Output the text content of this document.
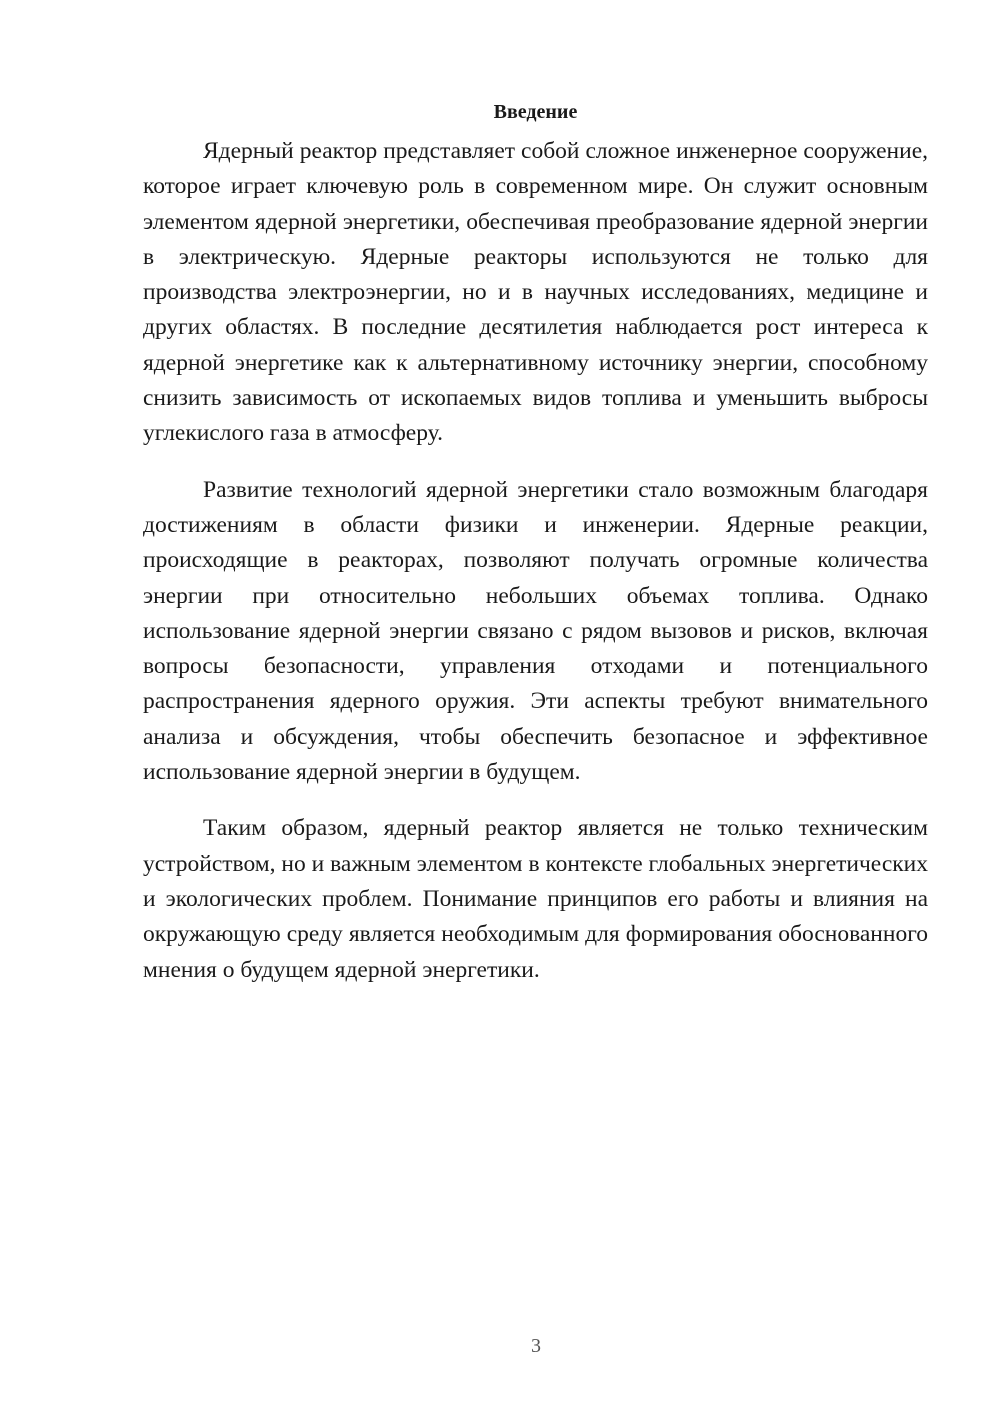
Введение

Ядерный реактор представляет собой сложное инженерное сооружение, которое играет ключевую роль в современном мире. Он служит основным элементом ядерной энергетики, обеспечивая преобразование ядерной энергии в электрическую. Ядерные реакторы используются не только для производства электроэнергии, но и в научных исследованиях, медицине и других областях. В последние десятилетия наблюдается рост интереса к ядерной энергетике как к альтернативному источнику энергии, способному снизить зависимость от ископаемых видов топлива и уменьшить выбросы углекислого газа в атмосферу.

Развитие технологий ядерной энергетики стало возможным благодаря достижениям в области физики и инженерии. Ядерные реакции, происходящие в реакторах, позволяют получать огромные количества энергии при относительно небольших объемах топлива. Однако использование ядерной энергии связано с рядом вызовов и рисков, включая вопросы безопасности, управления отходами и потенциального распространения ядерного оружия. Эти аспекты требуют внимательного анализа и обсуждения, чтобы обеспечить безопасное и эффективное использование ядерной энергии в будущем.

Таким образом, ядерный реактор является не только техническим устройством, но и важным элементом в контексте глобальных энергетических и экологических проблем. Понимание принципов его работы и влияния на окружающую среду является необходимым для формирования обоснованного мнения о будущем ядерной энергетики.

3
